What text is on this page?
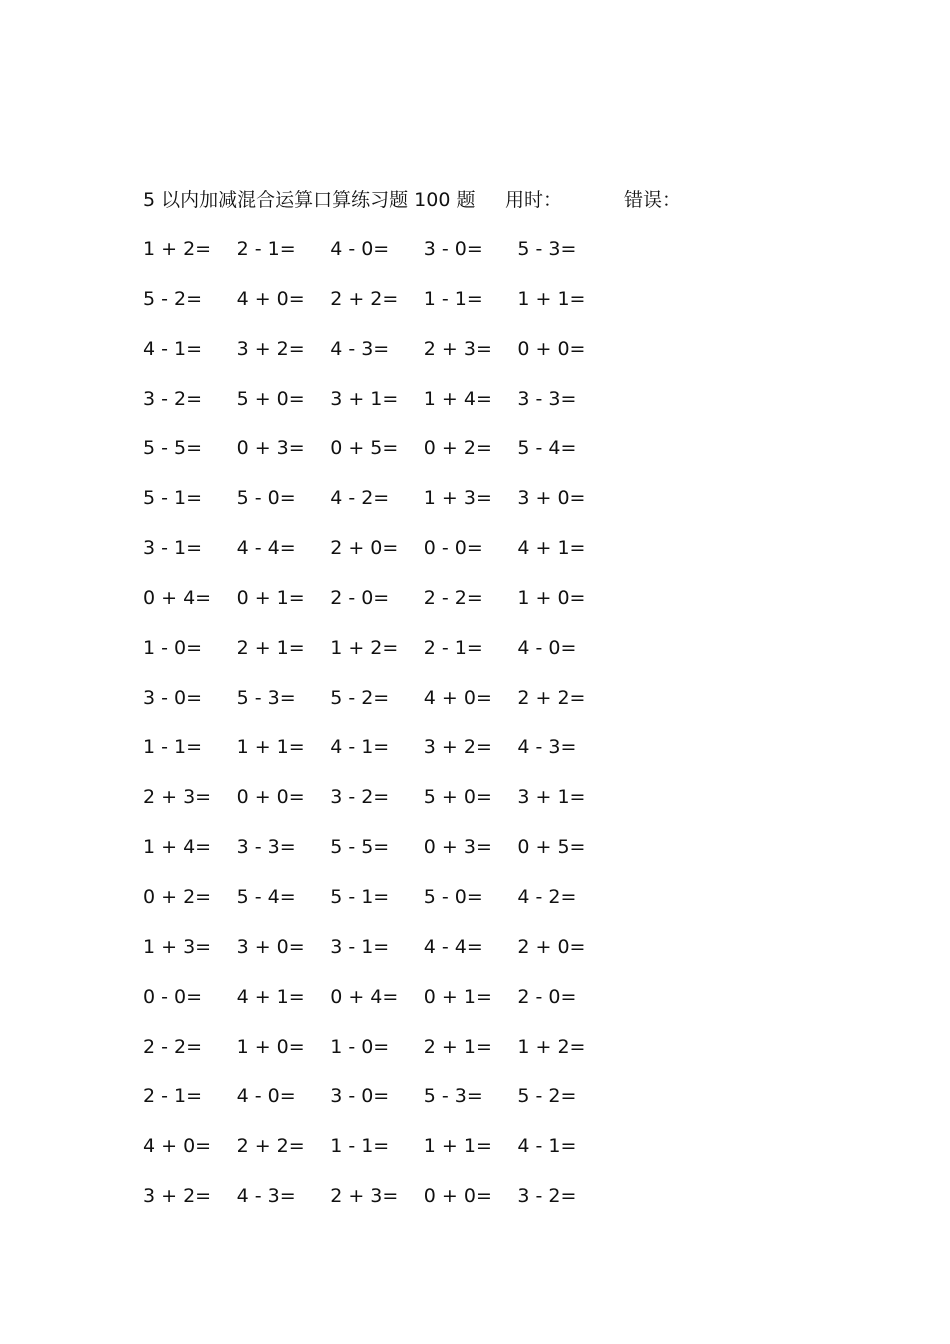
5 以内加减混合运算口算练习题 100 题 用时：	错误：
1 + 2=	2 - 1=	4 - 0=	3 - 0=	5 - 3=
5 - 2=	4 + 0=	2 + 2=	1 - 1=	1 + 1=
4 - 1=	3 + 2=	4 - 3=	2 + 3=	0 + 0=
3 - 2=	5 + 0=	3 + 1=	1 + 4=	3 - 3=
5 - 5=	0 + 3=	0 + 5=	0 + 2=	5 - 4=
5 - 1=	5 - 0=	4 - 2=	1 + 3=	3 + 0=
3 - 1=	4 - 4=	2 + 0=	0 - 0=	4 + 1=
0 + 4=	0 + 1=	2 - 0=	2 - 2=	1 + 0=
1 - 0=	2 + 1=	1 + 2=	2 - 1=	4 - 0=
3 - 0=	5 - 3=	5 - 2=	4 + 0=	2 + 2=
1 - 1=	1 + 1=	4 - 1=	3 + 2=	4 - 3=
2 + 3=	0 + 0=	3 - 2=	5 + 0=	3 + 1=
1 + 4=	3 - 3=	5 - 5=	0 + 3=	0 + 5=
0 + 2=	5 - 4=	5 - 1=	5 - 0=	4 - 2=
1 + 3=	3 + 0=	3 - 1=	4 - 4=	2 + 0=
0 - 0=	4 + 1=	0 + 4=	0 + 1=	2 - 0=
2 - 2=	1 + 0=	1 - 0=	2 + 1=	1 + 2=
2 - 1=	4 - 0=	3 - 0=	5 - 3=	5 - 2=
4 + 0=	2 + 2=	1 - 1=	1 + 1=	4 - 1=
3 + 2=	4 - 3=	2 + 3=	0 + 0=	3 - 2=
